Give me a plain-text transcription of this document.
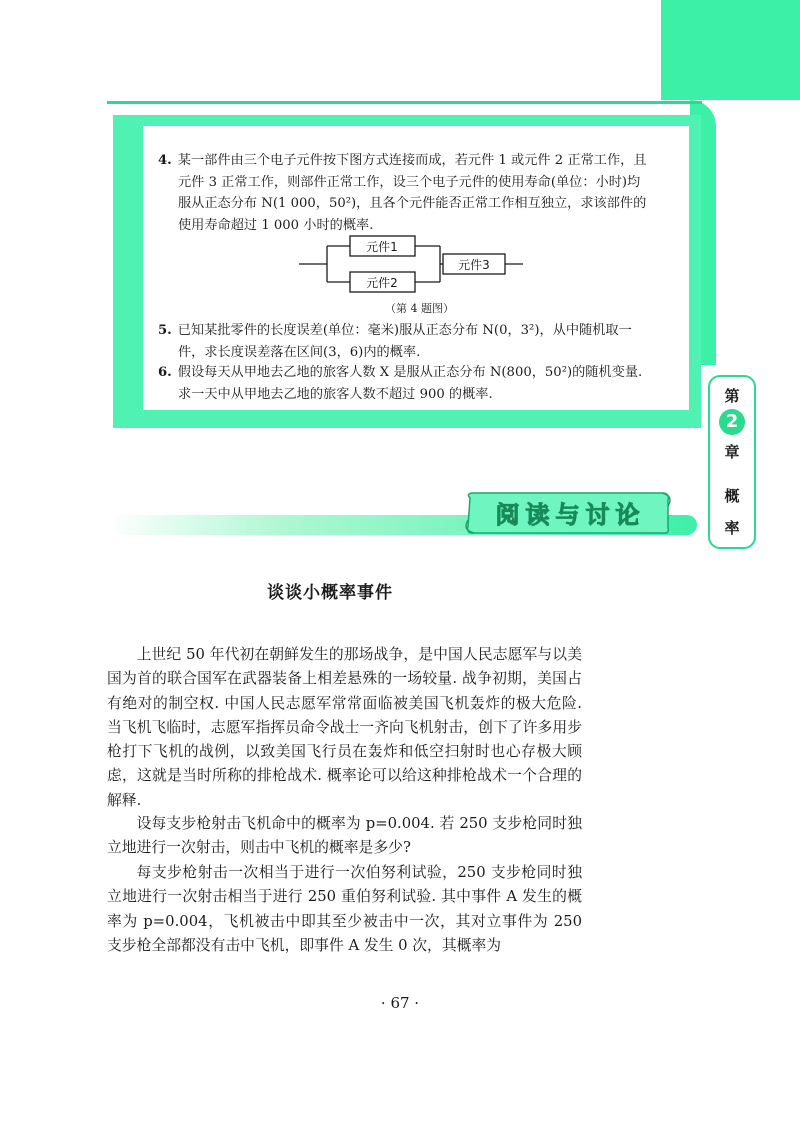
4. 某一部件由三个电子元件按下图方式连接而成，若元件 1 或元件 2 正常工作，且
元件 3 正常工作，则部件正常工作，设三个电子元件的使用寿命(单位：小时)均
服从正态分布 N(1 000，50²)，且各个元件能否正常工作相互独立，求该部件的
使用寿命超过 1 000 小时的概率.
元件1
元件2
元件3
（第 4 题图）
5. 已知某批零件的长度误差(单位：毫米)服从正态分布 N(0，3²)，从中随机取一
件，求长度误差落在区间(3，6)内的概率.
6. 假设每天从甲地去乙地的旅客人数 X 是服从正态分布 N(800，50²)的随机变量.
求一天中从甲地去乙地的旅客人数不超过 900 的概率.	第
2
章
概
率
阅读与讨论
谈谈小概率事件
上世纪 50 年代初在朝鲜发生的那场战争，是中国人民志愿军与以美国为首的联合国军在武器装备上相差悬殊的一场较量. 战争初期，美国占有绝对的制空权. 中国人民志愿军常常面临被美国飞机轰炸的极大危险. 当飞机飞临时，志愿军指挥员命令战士一齐向飞机射击，创下了许多用步枪打下飞机的战例，以致美国飞行员在轰炸和低空扫射时也心存极大顾虑，这就是当时所称的排枪战术. 概率论可以给这种排枪战术一个合理的解释.
设每支步枪射击飞机命中的概率为 p=0.004. 若 250 支步枪同时独立地进行一次射击，则击中飞机的概率是多少?
每支步枪射击一次相当于进行一次伯努利试验，250 支步枪同时独立地进行一次射击相当于进行 250 重伯努利试验. 其中事件 A 发生的概率为 p=0.004，飞机被击中即其至少被击中一次，其对立事件为 250 支步枪全部都没有击中飞机，即事件 A 发生 0 次，其概率为
· 67 ·
